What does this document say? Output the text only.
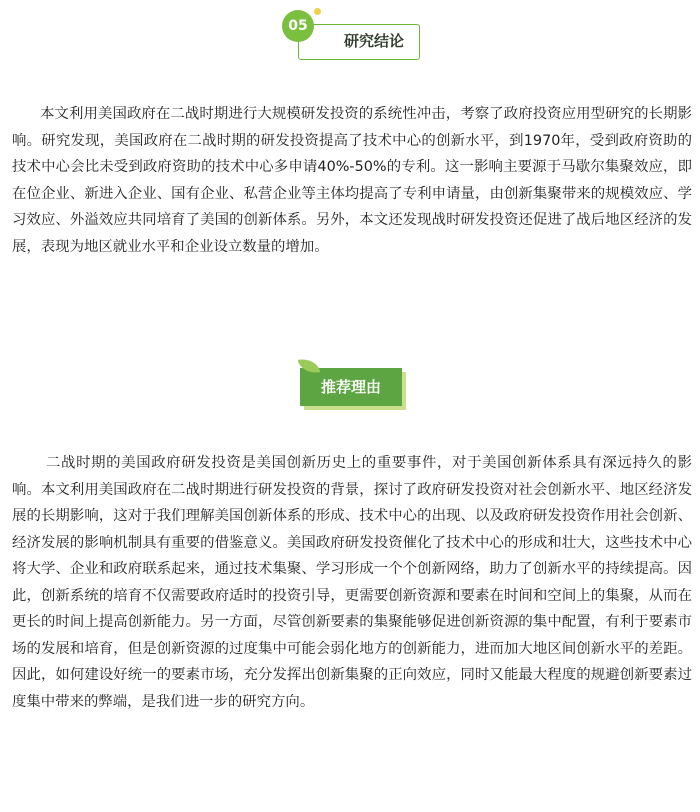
05
研究结论

本文利用美国政府在二战时期进行大规模研发投资的系统性冲击，考察了政府投资应用型研究的长期影响。研究发现，美国政府在二战时期的研发投资提高了技术中心的创新水平，到1970年，受到政府资助的技术中心会比未受到政府资助的技术中心多申请40%-50%的专利。这一影响主要源于马歇尔集聚效应，即在位企业、新进入企业、国有企业、私营企业等主体均提高了专利申请量，由创新集聚带来的规模效应、学习效应、外溢效应共同培育了美国的创新体系。另外，本文还发现战时研发投资还促进了战后地区经济的发展，表现为地区就业水平和企业设立数量的增加。

推荐理由

二战时期的美国政府研发投资是美国创新历史上的重要事件，对于美国创新体系具有深远持久的影响。本文利用美国政府在二战时期进行研发投资的背景，探讨了政府研发投资对社会创新水平、地区经济发展的长期影响，这对于我们理解美国创新体系的形成、技术中心的出现、以及政府研发投资作用社会创新、经济发展的影响机制具有重要的借鉴意义。美国政府研发投资催化了技术中心的形成和壮大，这些技术中心将大学、企业和政府联系起来，通过技术集聚、学习形成一个个创新网络，助力了创新水平的持续提高。因此，创新系统的培育不仅需要政府适时的投资引导，更需要创新资源和要素在时间和空间上的集聚，从而在更长的时间上提高创新能力。另一方面，尽管创新要素的集聚能够促进创新资源的集中配置，有利于要素市场的发展和培育，但是创新资源的过度集中可能会弱化地方的创新能力，进而加大地区间创新水平的差距。因此，如何建设好统一的要素市场，充分发挥出创新集聚的正向效应，同时又能最大程度的规避创新要素过度集中带来的弊端，是我们进一步的研究方向。
